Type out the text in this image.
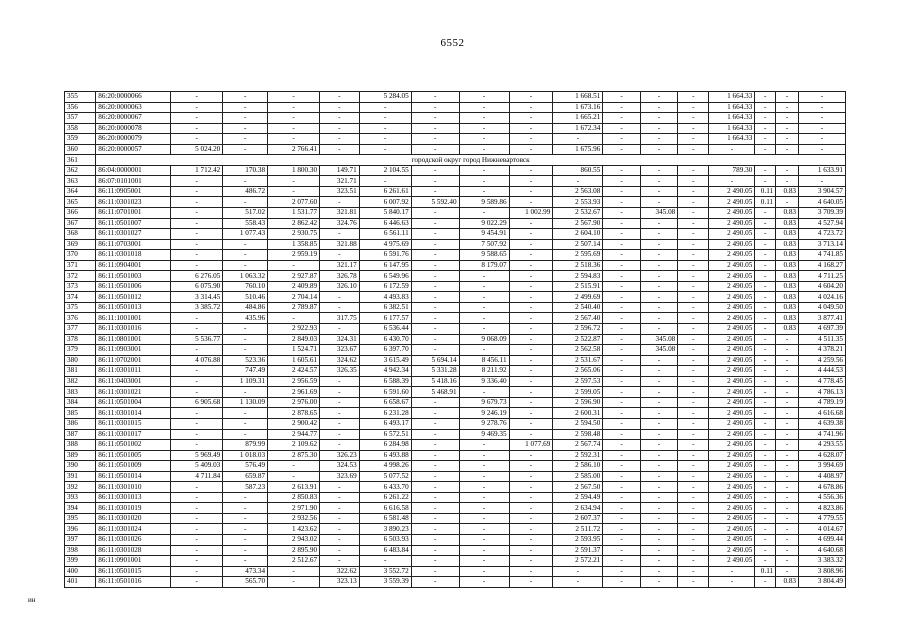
6552
355	86:20:0000066	-	-	-	-	5 284.05	-	-	-	1 668.51	-	-	-	1 664.33	-	-	-
356	86:20:0000063	-	-	-	-	-	-	-	-	1 673.16	-	-	-	1 664.33	-	-	-
357	86:20:0000067	-	-	-	-	-	-	-	-	1 665.21	-	-	-	1 664.33	-	-	-
358	86:20:0000078	-	-	-	-	-	-	-	-	1 672.34	-	-	-	1 664.33	-	-	-
359	86:20:0000079	-	-	-	-	-	-	-	-	-	-	-	-	1 664.33	-	-	-
360	86:20:0000057	5 024.20	-	2 766.41	-	-	-	-	-	1 675.96	-	-	-	-	-	-	-
361	городской округ город Нижневартовск																
362	86:04:0000001	1 712.42	170.38	1 800.30	149.71	2 104.55	-	-	-	860.55	-	-	-	789.30	-	-	1 633.91
363	86:07:0101001	-	-	-	321.71	-	-	-	-	-	-	-	-	-	-	-	-
364	86:11:0905001	-	486.72	-	323.51	6 261.61	-	-	-	2 563.08	-	-	-	2 490.05	0.11	0.83	3 904.57
365	86:11:0301023	-	-	2 077.60	-	6 007.92	5 592.40	9 589.86	-	2 553.93	-	-	-	2 490.05	0.11	-	4 640.05
366	86:11:0701001	-	517.02	1 531.77	321.81	5 840.17	-	-	1 002.99	2 532.67	-	345.08	-	2 490.05	-	0.83	3 709.39
367	86:11:0501007	-	558.43	2 862.42	324.76	6 446.63	-	9 022.29	-	2 567.90	-	-	-	2 490.05	-	0.83	4 527.94
368	86:11:0301027	-	1 077.43	2 930.75	-	6 561.11	-	9 454.91	-	2 604.10	-	-	-	2 490.05	-	0.83	4 723.72
369	86:11:0703001	-	-	1 358.85	321.88	4 975.69	-	7 507.92	-	2 507.14	-	-	-	2 490.05	-	0.83	3 713.14
370	86:11:0301018	-	-	2 959.19	-	6 591.76	-	9 588.65	-	2 595.69	-	-	-	2 490.05	-	0.83	4 741.85
371	86:11:0904001	-	-	-	321.17	6 147.95	-	8 179.07	-	2 518.36	-	-	-	2 490.05	-	0.83	4 168.27
372	86:11:0501003	6 276.05	1 063.32	2 927.87	326.78	6 549.96	-	-	-	2 594.83	-	-	-	2 490.05	-	0.83	4 711.25
373	86:11:0501006	6 075.90	760.10	2 409.89	326.10	6 172.59	-	-	-	2 515.91	-	-	-	2 490.05	-	0.83	4 604.20
374	86:11:0501012	3 314.45	510.46	2 704.14	-	4 493.83	-	-	-	2 499.69	-	-	-	2 490.05	-	0.83	4 024.16
375	86:11:0501013	3 385.72	484.86	2 789.87	-	6 382.51	-	-	-	2 540.40	-	-	-	2 490.05	-	0.83	4 049.50
376	86:11:1001001	-	435.96	-	317.75	6 177.57	-	-	-	2 567.40	-	-	-	2 490.05	-	0.83	3 877.41
377	86:11:0301016	-	-	2 922.93	-	6 536.44	-	-	-	2 596.72	-	-	-	2 490.05	-	0.83	4 697.39
378	86:11:0801001	5 536.77	-	2 849.03	324.31	6 430.70	-	9 068.09	-	2 522.87	-	345.08	-	2 490.05	-	-	4 511.35
379	86:11:0903001	-	-	1 524.71	323.67	6 397.70	-	-	-	2 562.58	-	345.08	-	2 490.05	-	-	4 378.21
380	86:11:0702001	4 076.88	523.36	1 605.61	324.62	3 615.49	5 694.14	8 456.11	-	2 531.67	-	-	-	2 490.05	-	-	4 259.56
381	86:11:0301011	-	747.49	2 424.57	326.35	4 942.34	5 331.28	8 211.92	-	2 565.06	-	-	-	2 490.05	-	-	4 444.53
382	86:11:0403001	-	1 109.31	2 956.59	-	6 588.39	5 418.16	9 336.40	-	2 597.53	-	-	-	2 490.05	-	-	4 778.45
383	86:11:0301021	-	-	2 961.69	-	6 591.60	5 468.91	-	-	2 599.05	-	-	-	2 490.05	-	-	4 786.13
384	86:11:0501004	6 905.68	1 130.09	2 976.00	-	6 658.67	-	9 679.73	-	2 596.90	-	-	-	2 490.05	-	-	4 789.19
385	86:11:0301014	-	-	2 878.65	-	6 231.28	-	9 246.19	-	2 600.31	-	-	-	2 490.05	-	-	4 616.68
386	86:11:0301015	-	-	2 900.42	-	6 493.17	-	9 278.76	-	2 594.50	-	-	-	2 490.05	-	-	4 639.38
387	86:11:0301017	-	-	2 944.77	-	6 572.51	-	9 469.35	-	2 598.48	-	-	-	2 490.05	-	-	4 741.96
388	86:11:0501002	-	879.99	2 109.62	-	6 284.98	-	-	1 077.69	2 567.74	-	-	-	2 490.05	-	-	4 293.55
389	86:11:0501005	5 969.49	1 018.03	2 875.30	326.23	6 493.88	-	-	-	2 592.31	-	-	-	2 490.05	-	-	4 628.07
390	86:11:0501009	5 409.03	576.49	-	324.53	4 998.26	-	-	-	2 586.10	-	-	-	2 490.05	-	-	3 994.69
391	86:11:0501014	4 711.84	659.87	-	323.69	5 077.52	-	-	-	2 585.00	-	-	-	2 490.05	-	-	4 408.97
392	86:11:0301010	-	587.23	2 613.91	-	6 433.70	-	-	-	2 567.50	-	-	-	2 490.05	-	-	4 678.86
393	86:11:0301013	-	-	2 850.83	-	6 261.22	-	-	-	2 594.49	-	-	-	2 490.05	-	-	4 556.36
394	86:11:0301019	-	-	2 971.90	-	6 616.58	-	-	-	2 634.94	-	-	-	2 490.05	-	-	4 823.86
395	86:11:0301020	-	-	2 932.56	-	6 581.48	-	-	-	2 607.37	-	-	-	2 490.05	-	-	4 779.55
396	86:11:0301024	-	-	1 423.62	-	3 890.23	-	-	-	2 511.72	-	-	-	2 490.05	-	-	4 014.67
397	86:11:0301026	-	-	2 943.02	-	6 503.93	-	-	-	2 593.95	-	-	-	2 490.05	-	-	4 699.44
398	86:11:0301028	-	-	2 895.90	-	6 483.84	-	-	-	2 591.37	-	-	-	2 490.05	-	-	4 640.68
399	86:11:0901001	-	-	2 512.67	-	-	-	-	-	2 572.21	-	-	-	2 490.05	-	-	3 383.32
400	86:11:0501015	-	473.34	-	322.62	3 552.72	-	-	-	-	-	-	-	-	0.11	-	3 808.96
401	86:11:0501016	-	565.70	-	323.13	3 559.39	-	-	-	-	-	-	-	-	-	0.83	3 804.49
ин
